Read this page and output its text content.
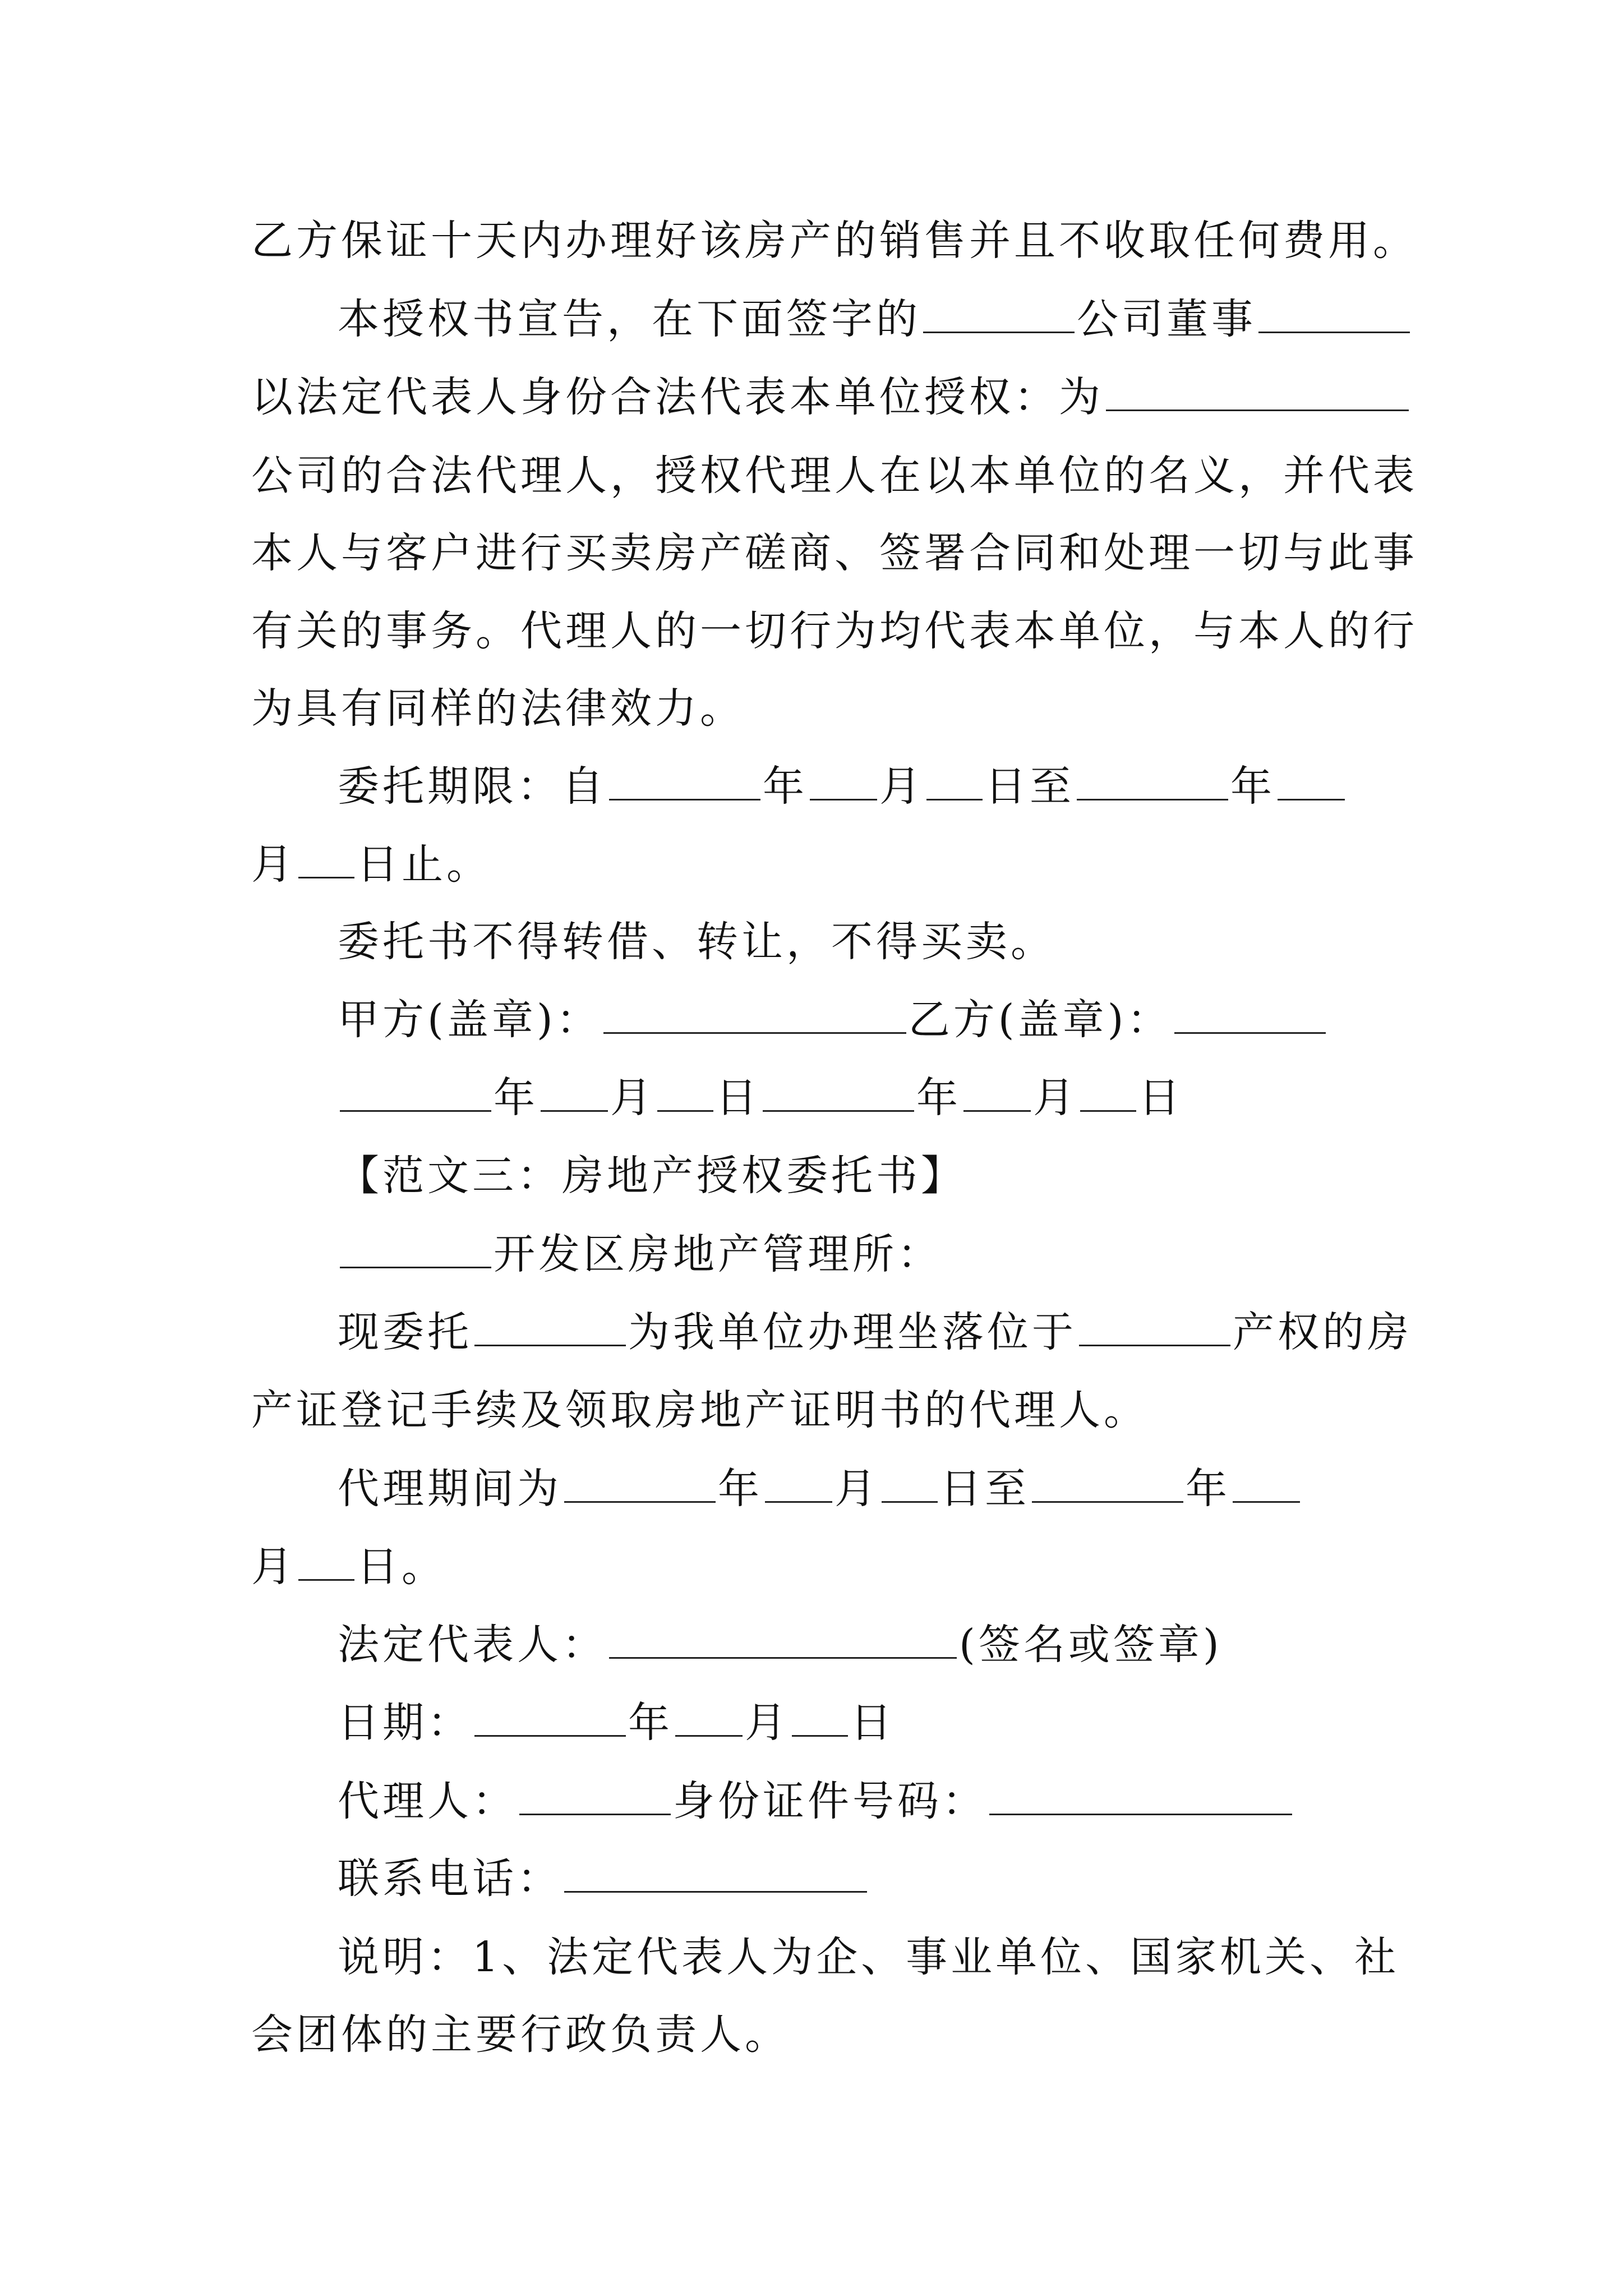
乙方保证十天内办理好该房产的销售并且不收取任何费用。
本授权书宣告，在下面签字的	公司董事
以法定代表人身份合法代表本单位授权：为
公司的合法代理人，授权代理人在以本单位的名义，并代表
本人与客户进行买卖房产磋商、签署合同和处理一切与此事
有关的事务。代理人的一切行为均代表本单位，与本人的行
为具有同样的法律效力。
委托期限：自	年 月 日至	年
月 日止。
委托书不得转借、转让，不得买卖。
甲方(盖章)：	乙方(盖章)：
年 月 日	年 月 日
【范文三：房地产授权委托书】
开发区房地产管理所：
现委托	为我单位办理坐落位于	产权的房
产证登记手续及领取房地产证明书的代理人。
代理期间为	年 月 日至	年
月 日。
法定代表人：	(签名或签章)
日期：	年 月 日
代理人：	身份证件号码：
联系电话：
说明：1、法定代表人为企、事业单位、国家机关、社
会团体的主要行政负责人。
